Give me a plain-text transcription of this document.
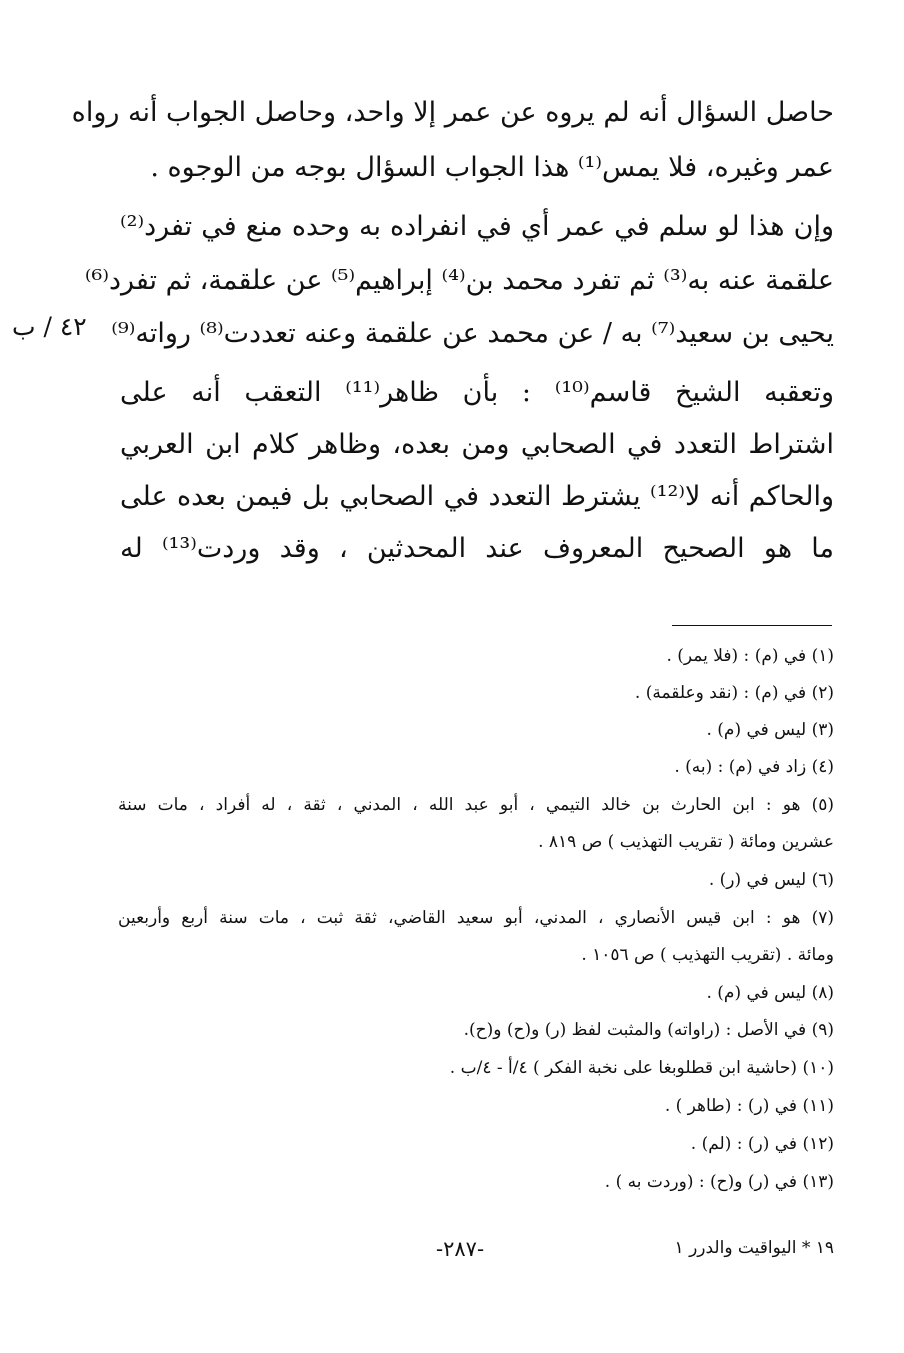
حاصل السؤال أنه لم يروه عن عمر إلا واحد، وحاصل الجواب أنه رواه
عمر وغيره، فلا يمس⁽¹⁾ هذا الجواب السؤال بوجه من الوجوه .
وإن هذا لو سلم في عمر أي في انفراده به وحده منع في تفرد⁽²⁾
علقمة عنه به⁽³⁾ ثم تفرد محمد بن⁽⁴⁾ إبراهيم⁽⁵⁾ عن علقمة، ثم تفرد⁽⁶⁾
يحيى بن سعيد⁽⁷⁾ به / عن محمد عن علقمة وعنه تعددت⁽⁸⁾ رواته⁽⁹⁾
وتعقبه الشيخ قاسم⁽¹⁰⁾ : بأن ظاهر⁽¹¹⁾ التعقب أنه على
اشتراط التعدد في الصحابي ومن بعده، وظاهر كلام ابن العربي
والحاكم أنه لا⁽¹²⁾ يشترط التعدد في الصحابي بل فيمن بعده على
ما هو الصحيح المعروف عند المحدثين ، وقد وردت⁽¹³⁾ له
٤٢ / ب
(١) في (م) : (فلا يمر) .
(٢) في (م) : (نقد وعلقمة) .
(٣) ليس في (م) .
(٤) زاد في (م) : (به) .
(٥) هو : ابن الحارث بن خالد التيمي ، أبو عبد الله ، المدني ، ثقة ، له أفراد ، مات سنة
عشرين ومائة ( تقريب التهذيب ) ص ٨١٩ .
(٦) ليس في (ر) .
(٧) هو : ابن قيس الأنصاري ، المدني، أبو سعيد القاضي، ثقة ثبت ، مات سنة أربع وأربعين
ومائة . (تقريب التهذيب ) ص ١٠٥٦ .
(٨) ليس في (م) .
(٩) في الأصل : (راواته) والمثبت لفظ (ر) و(ح) و(ح).
(١٠) (حاشية ابن قطلوبغا على نخبة الفكر ) ٤/أ - ٤/ب .
(١١) في (ر) : (طاهر ) .
(١٢) في (ر) : (لم) .
(١٣) في (ر) و(ح) : (وردت به ) .
-٢٨٧-	١٩ * اليواقيت والدرر ١
